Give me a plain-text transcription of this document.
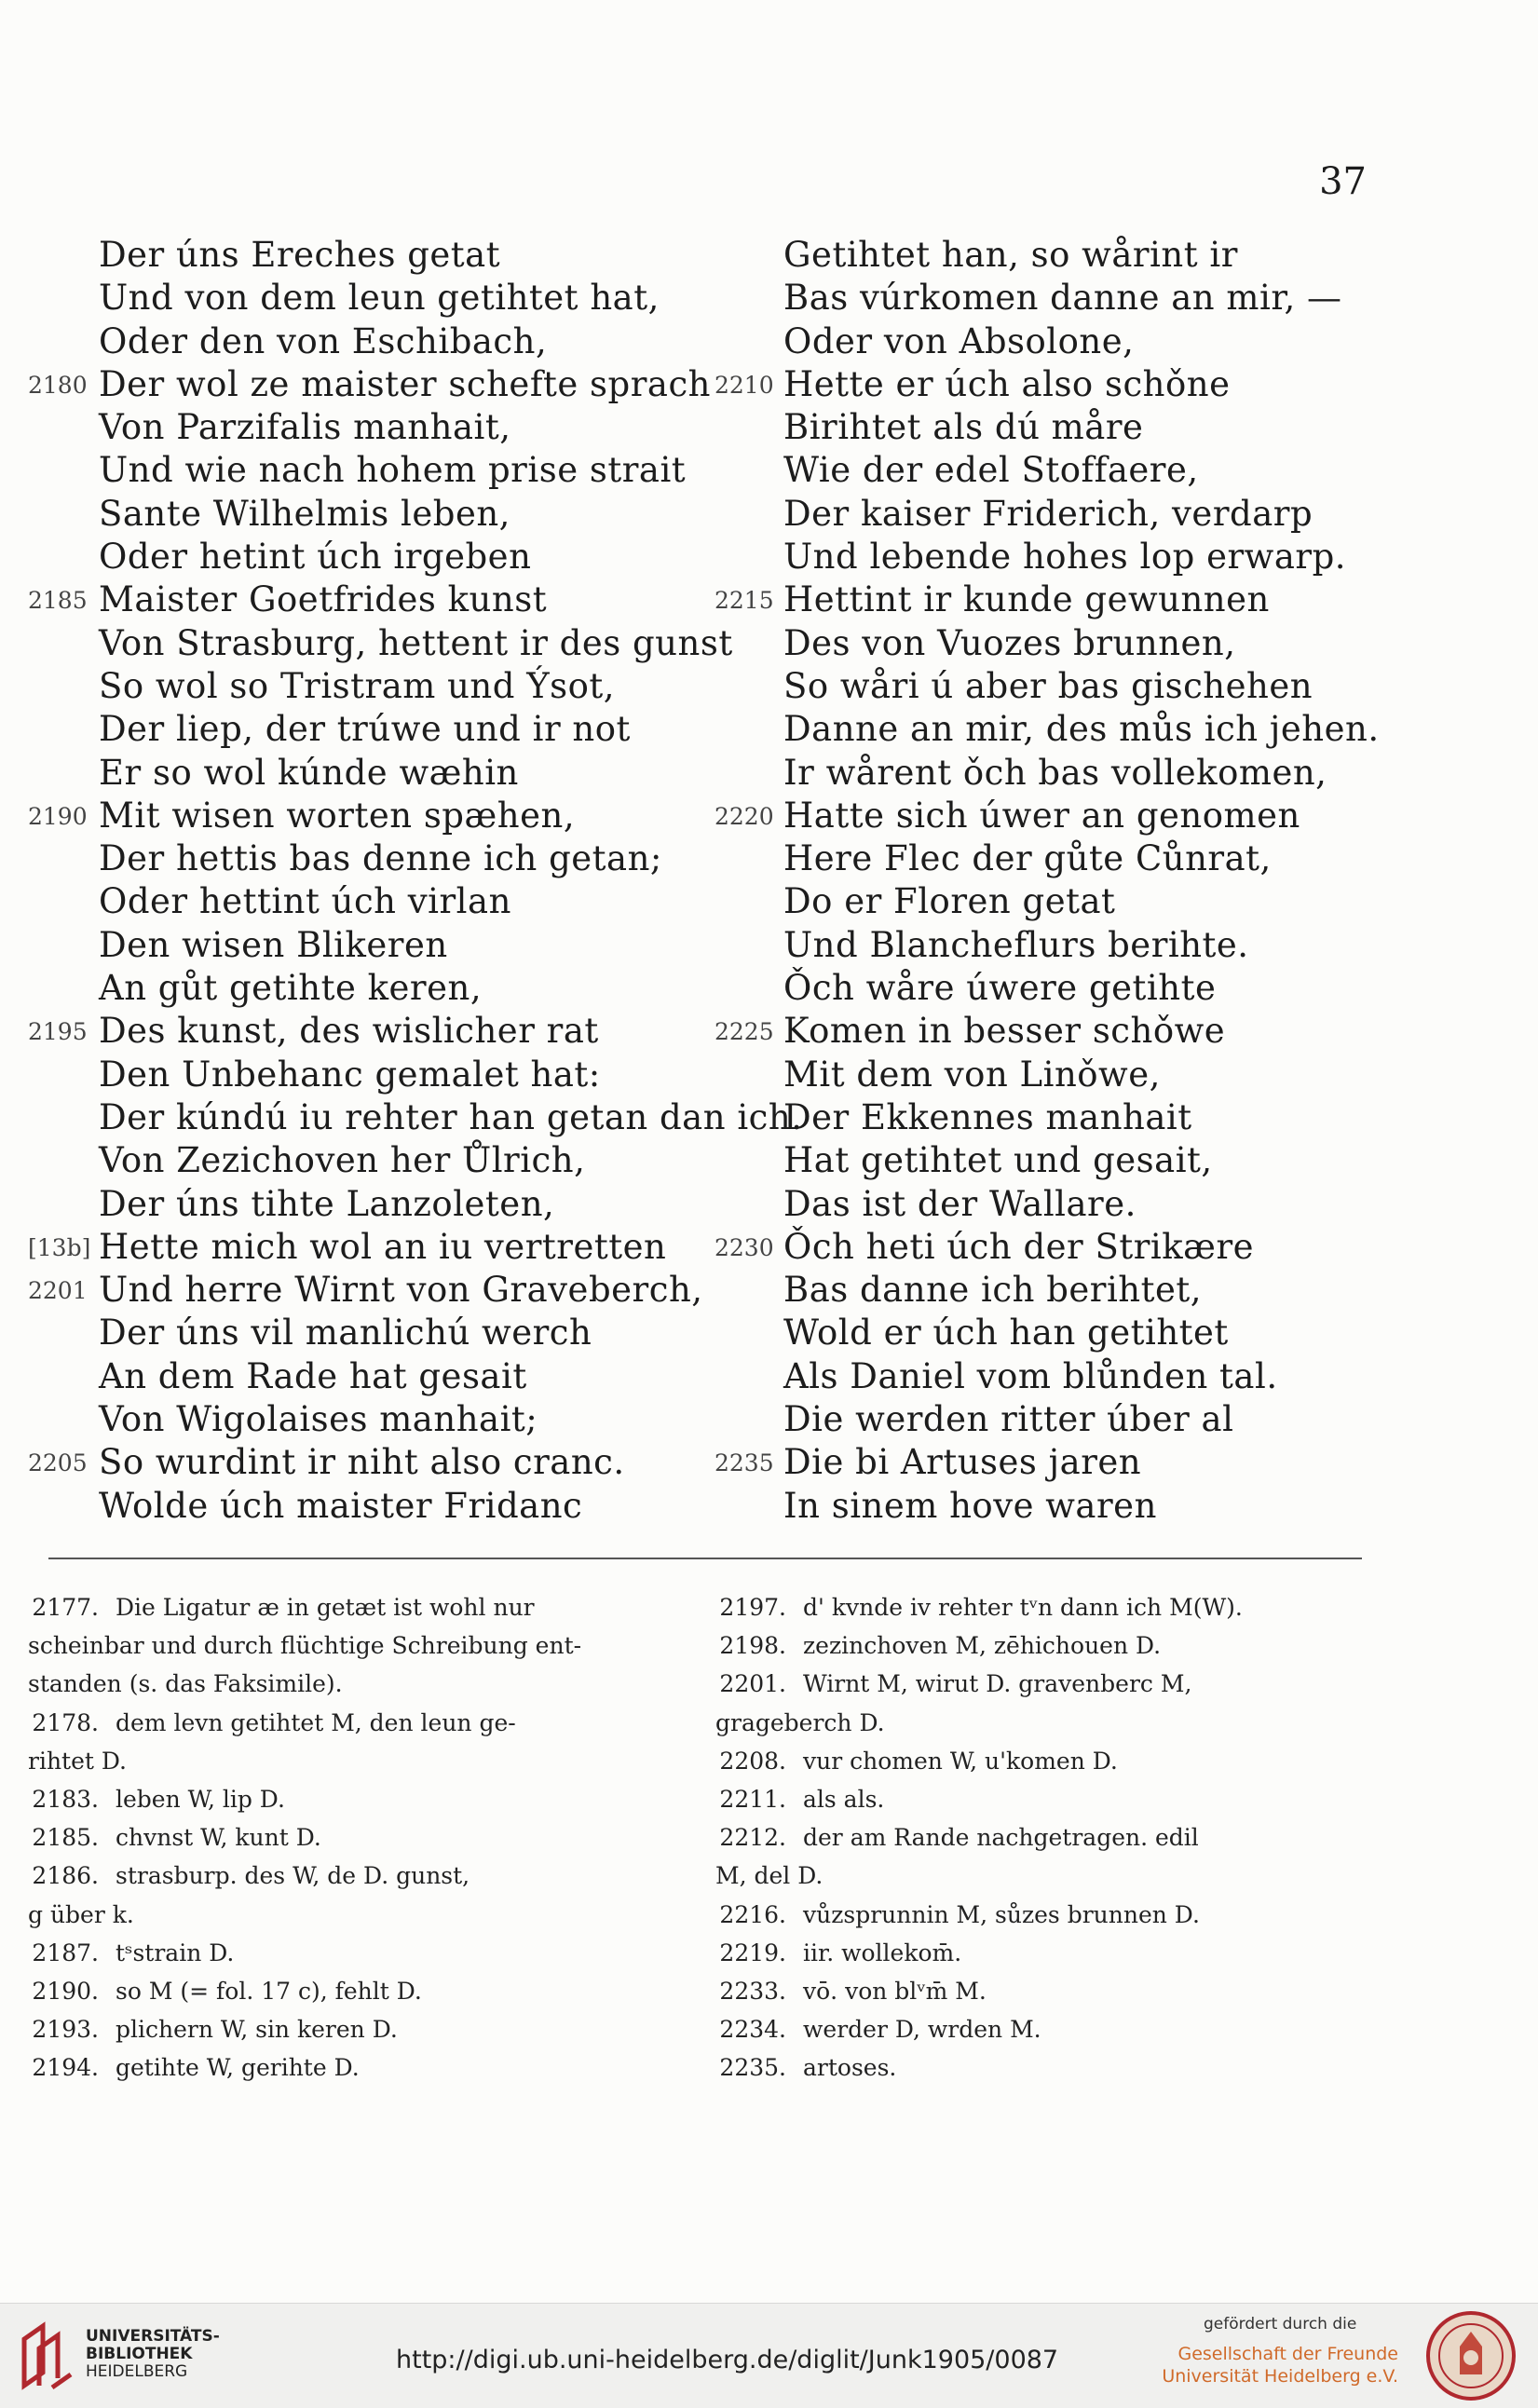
37
Der úns Ereches getat
Und von dem leun getihtet hat,
Oder den von Eschibach,
2180 Der wol ze maister schefte sprach
Von Parzifalis manhait,
Und wie nach hohem prise strait
Sante Wilhelmis leben,
Oder hetint úch irgeben
2185 Maister Goetfrides kunst
Von Strasburg, hettent ir des gunst
So wol so Tristram und Ýsot,
Der liep, der trúwe und ir not
Er so wol kúnde wæhin
2190 Mit wisen worten spæhen,
Der hettis bas denne ich getan;
Oder hettint úch virlan
Den wisen Blikeren
An gůt getihte keren,
2195 Des kunst, des wislicher rat
Den Unbehanc gemalet hat:
Der kúndú iu rehter han getan dan ich.
Von Zezichoven her Ůlrich,
Der úns tihte Lanzoleten,
[13b] Hette mich wol an iu vertretten
2201 Und herre Wirnt von Graveberch,
Der úns vil manlichú werch
An dem Rade hat gesait
Von Wigolaises manhait;
2205 So wurdint ir niht also cranc.
Wolde úch maister Fridanc
Getihtet han, so wårint ir
Bas vúrkomen danne an mir, —
Oder von Absolone,
2210 Hette er úch also schǒne
Birihtet als dú måre
Wie der edel Stoffaere,
Der kaiser Friderich, verdarp
Und lebende hohes lop erwarp.
2215 Hettint ir kunde gewunnen
Des von Vuozes brunnen,
So wåri ú aber bas gischehen
Danne an mir, des můs ich jehen.
Ir wårent ǒch bas vollekomen,
2220 Hatte sich úwer an genomen
Here Flec der gůte Cůnrat,
Do er Floren getat
Und Blancheflurs berihte.
Ǒch wåre úwere getihte
2225 Komen in besser schǒwe
Mit dem von Linǒwe,
Der Ekkennes manhait
Hat getihtet und gesait,
Das ist der Wallare.
2230 Ǒch heti úch der Strikære
Bas danne ich berihtet,
Wold er úch han getihtet
Als Daniel vom blůnden tal.
Die werden ritter úber al
2235 Die bi Artuses jaren
In sinem hove waren
2177. Die Ligatur æ in getæt ist wohl nur
scheinbar und durch flüchtige Schreibung ent-
standen (s. das Faksimile).
2178. dem levn getihtet M, den leun ge-
rihtet D.
2183. leben W, lip D.
2185. chvnst W, kunt D.
2186. strasburp. des W, de D. gunst,
g über k.
2187. tˢstrain D.
2190. so M (= fol. 17 c), fehlt D.
2193. plichern W, sin keren D.
2194. getihte W, gerihte D.
2197. d' kvnde iv rehter tᵛn dann ich M(W).
2198. zezinchoven M, zēhichouen D.
2201. Wirnt M, wirut D. gravenberc M,
grageberch D.
2208. vur chomen W, u'komen D.
2211. als als.
2212. der am Rande nachgetragen. edil
M, del D.
2216. vůzsprunnin M, sůzes brunnen D.
2219. iir. wollekom̄.
2233. vō. von blᵛm̄ M.
2234. werder D, wrden M.
2235. artoses.
UNIVERSITÄTS-
BIBLIOTHEK
HEIDELBERG	http://digi.ub.uni-heidelberg.de/diglit/Junk1905/0087
gefördert durch die
Gesellschaft der Freunde
Universität Heidelberg e.V.
